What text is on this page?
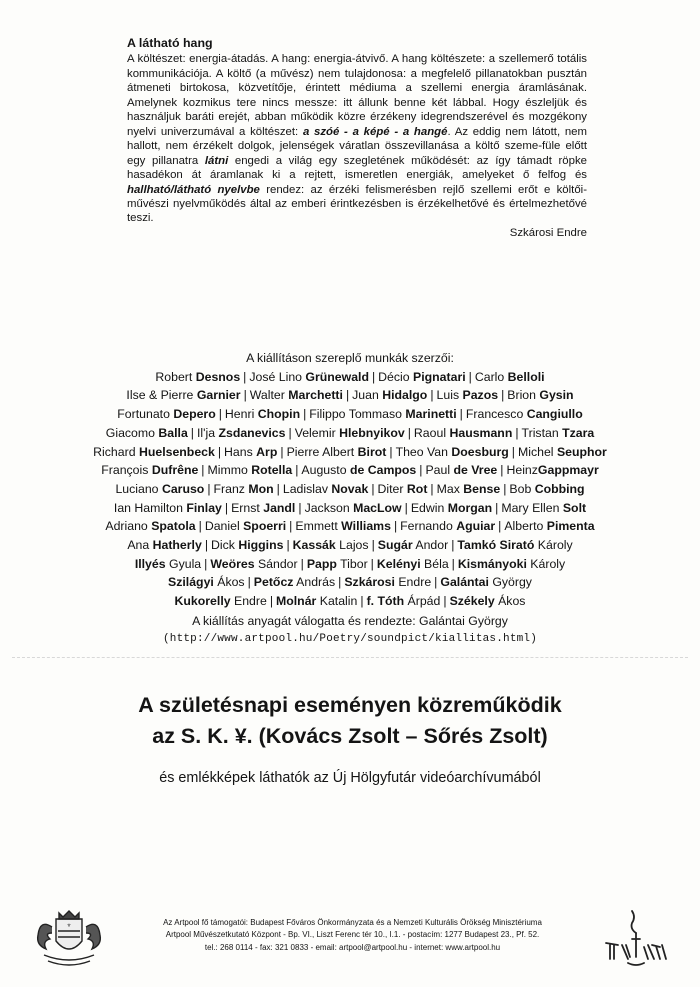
A látható hang

A költészet: energia-átadás. A hang: energia-átvivő. A hang költészete: a szellemerő totális kommunikációja. A költő (a művész) nem tulajdonosa: a megfelelő pillanatokban pusztán átmeneti birtokosa, közvetítője, érintett médiuma a szellemi energia áramlásának. Amelynek kozmikus tere nincs messze: itt állunk benne két lábbal. Hogy észleljük és használjuk baráti erejét, abban működik közre érzékeny idegrendszerével és mozgékony nyelvi univerzumával a költészet: a szóé - a képé - a hangé. Az eddig nem látott, nem hallott, nem érzékelt dolgok, jelenségek váratlan összevillanása a költő szeme-füle előtt egy pillanatra látni engedi a világ egy szegletének működését: az így támadt röpke hasadékon át áramlanak ki a rejtett, ismeretlen energiák, amelyeket ő felfog és hallható/látható nyelvbe rendez: az érzéki felismerésben rejlő szellemi erőt e költői-művészi nyelvműködés által az emberi érintkezésben is érzékelhetővé és értelmezhetővé teszi.

Szkárosi Endre

A kiállításon szereplő munkák szerzői:

Robert Desnos | José Lino Grünewald | Décio Pignatari | Carlo Belloli
Ilse & Pierre Garnier | Walter Marchetti | Juan Hidalgo | Luis Pazos | Brion Gysin
Fortunato Depero | Henri Chopin | Filippo Tommaso Marinetti | Francesco Cangiullo
Giacomo Balla | Il'ja Zsdanevics | Velemir Hlebnyikov | Raoul Hausmann | Tristan Tzara
Richard Huelsenbeck | Hans Arp | Pierre Albert Birot | Theo Van Doesburg | Michel Seuphor
François Dufrêne | Mimmo Rotella | Augusto de Campos | Paul de Vree | HeinzGappmayr
Luciano Caruso | Franz Mon | Ladislav Novak | Diter Rot | Max Bense | Bob Cobbing
Ian Hamilton Finlay | Ernst Jandl | Jackson MacLow | Edwin Morgan | Mary Ellen Solt
Adriano Spatola | Daniel Spoerri | Emmett Williams | Fernando Aguiar | Alberto Pimenta
Ana Hatherly | Dick Higgins | Kassák Lajos | Sugár Andor | Tamkó Sirató Károly
Illyés Gyula | Weöres Sándor | Papp Tibor | Kelényi Béla | Kismányoki Károly
Szilágyi Ákos | Petőcz András | Szkárosi Endre | Galántai György
Kukorelly Endre | Molnár Katalin | f. Tóth Árpád | Székely Ákos
A kiállítás anyagát válogatta és rendezte: Galántai György
(http://www.artpool.hu/Poetry/soundpict/kiallitas.html)

A születésnapi eseményen közreműködik

az S. K. ¥. (Kovács Zsolt – Sőrés Zsolt)

és emlékképek láthatók az Új Hölgyfutár videóarchívumából
⚜	Az Artpool fő támogatói: Budapest Főváros Önkormányzata és a Nemzeti Kulturális Örökség Minisztériuma
Artpool Művészetkutató Központ - Bp. VI., Liszt Ferenc tér 10., I.1. - postacím: 1277 Budapest 23., Pf. 52.
tel.: 268 0114 - fax: 321 0833 - email: artpool@artpool.hu - internet: www.artpool.hu
